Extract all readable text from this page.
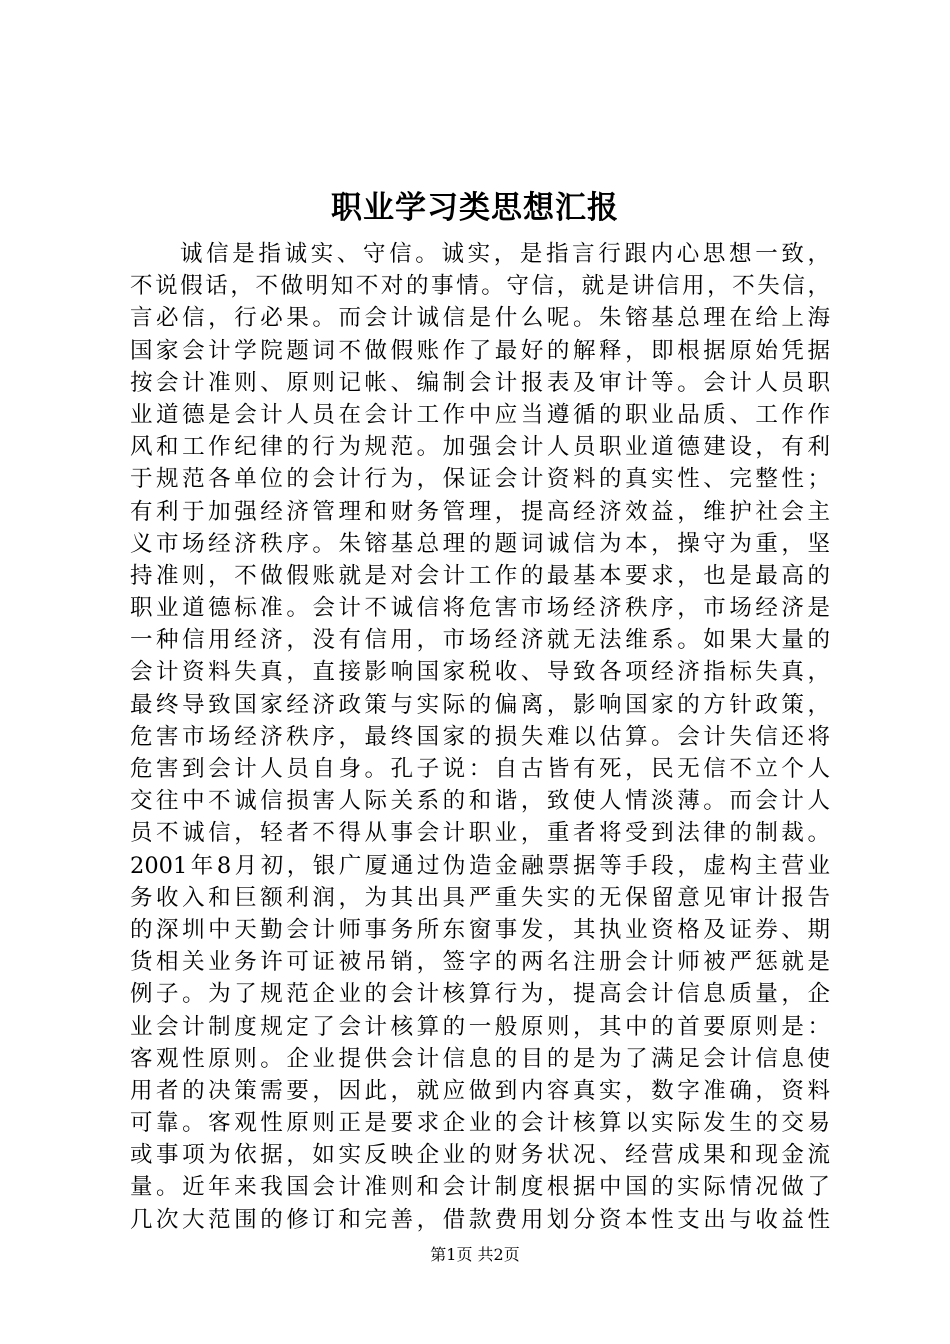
职业学习类思想汇报
诚信是指诚实、守信。诚实，是指言行跟内心思想一致，
不说假话，不做明知不对的事情。守信，就是讲信用，不失信，
言必信，行必果。而会计诚信是什么呢。朱镕基总理在给上海
国家会计学院题词不做假账作了最好的解释，即根据原始凭据
按会计准则、原则记帐、编制会计报表及审计等。会计人员职
业道德是会计人员在会计工作中应当遵循的职业品质、工作作
风和工作纪律的行为规范。加强会计人员职业道德建设，有利
于规范各单位的会计行为，保证会计资料的真实性、完整性；
有利于加强经济管理和财务管理，提高经济效益，维护社会主
义市场经济秩序。朱镕基总理的题词诚信为本，操守为重，坚
持准则，不做假账就是对会计工作的最基本要求，也是最高的
职业道德标准。会计不诚信将危害市场经济秩序，市场经济是
一种信用经济，没有信用，市场经济就无法维系。如果大量的
会计资料失真，直接影响国家税收、导致各项经济指标失真，
最终导致国家经济政策与实际的偏离，影响国家的方针政策，
危害市场经济秩序，最终国家的损失难以估算。会计失信还将
危害到会计人员自身。孔子说：自古皆有死，民无信不立个人
交往中不诚信损害人际关系的和谐，致使人情淡薄。而会计人
员不诚信，轻者不得从事会计职业，重者将受到法律的制裁。
2001年8月初，银广厦通过伪造金融票据等手段，虚构主营业
务收入和巨额利润，为其出具严重失实的无保留意见审计报告
的深圳中天勤会计师事务所东窗事发，其执业资格及证券、期
货相关业务许可证被吊销，签字的两名注册会计师被严惩就是
例子。为了规范企业的会计核算行为，提高会计信息质量，企
业会计制度规定了会计核算的一般原则，其中的首要原则是：
客观性原则。企业提供会计信息的目的是为了满足会计信息使
用者的决策需要，因此，就应做到内容真实，数字准确，资料
可靠。客观性原则正是要求企业的会计核算以实际发生的交易
或事项为依据，如实反映企业的财务状况、经营成果和现金流
量。近年来我国会计准则和会计制度根据中国的实际情况做了
几次大范围的修订和完善，借款费用划分资本性支出与收益性
第1页 共2页
